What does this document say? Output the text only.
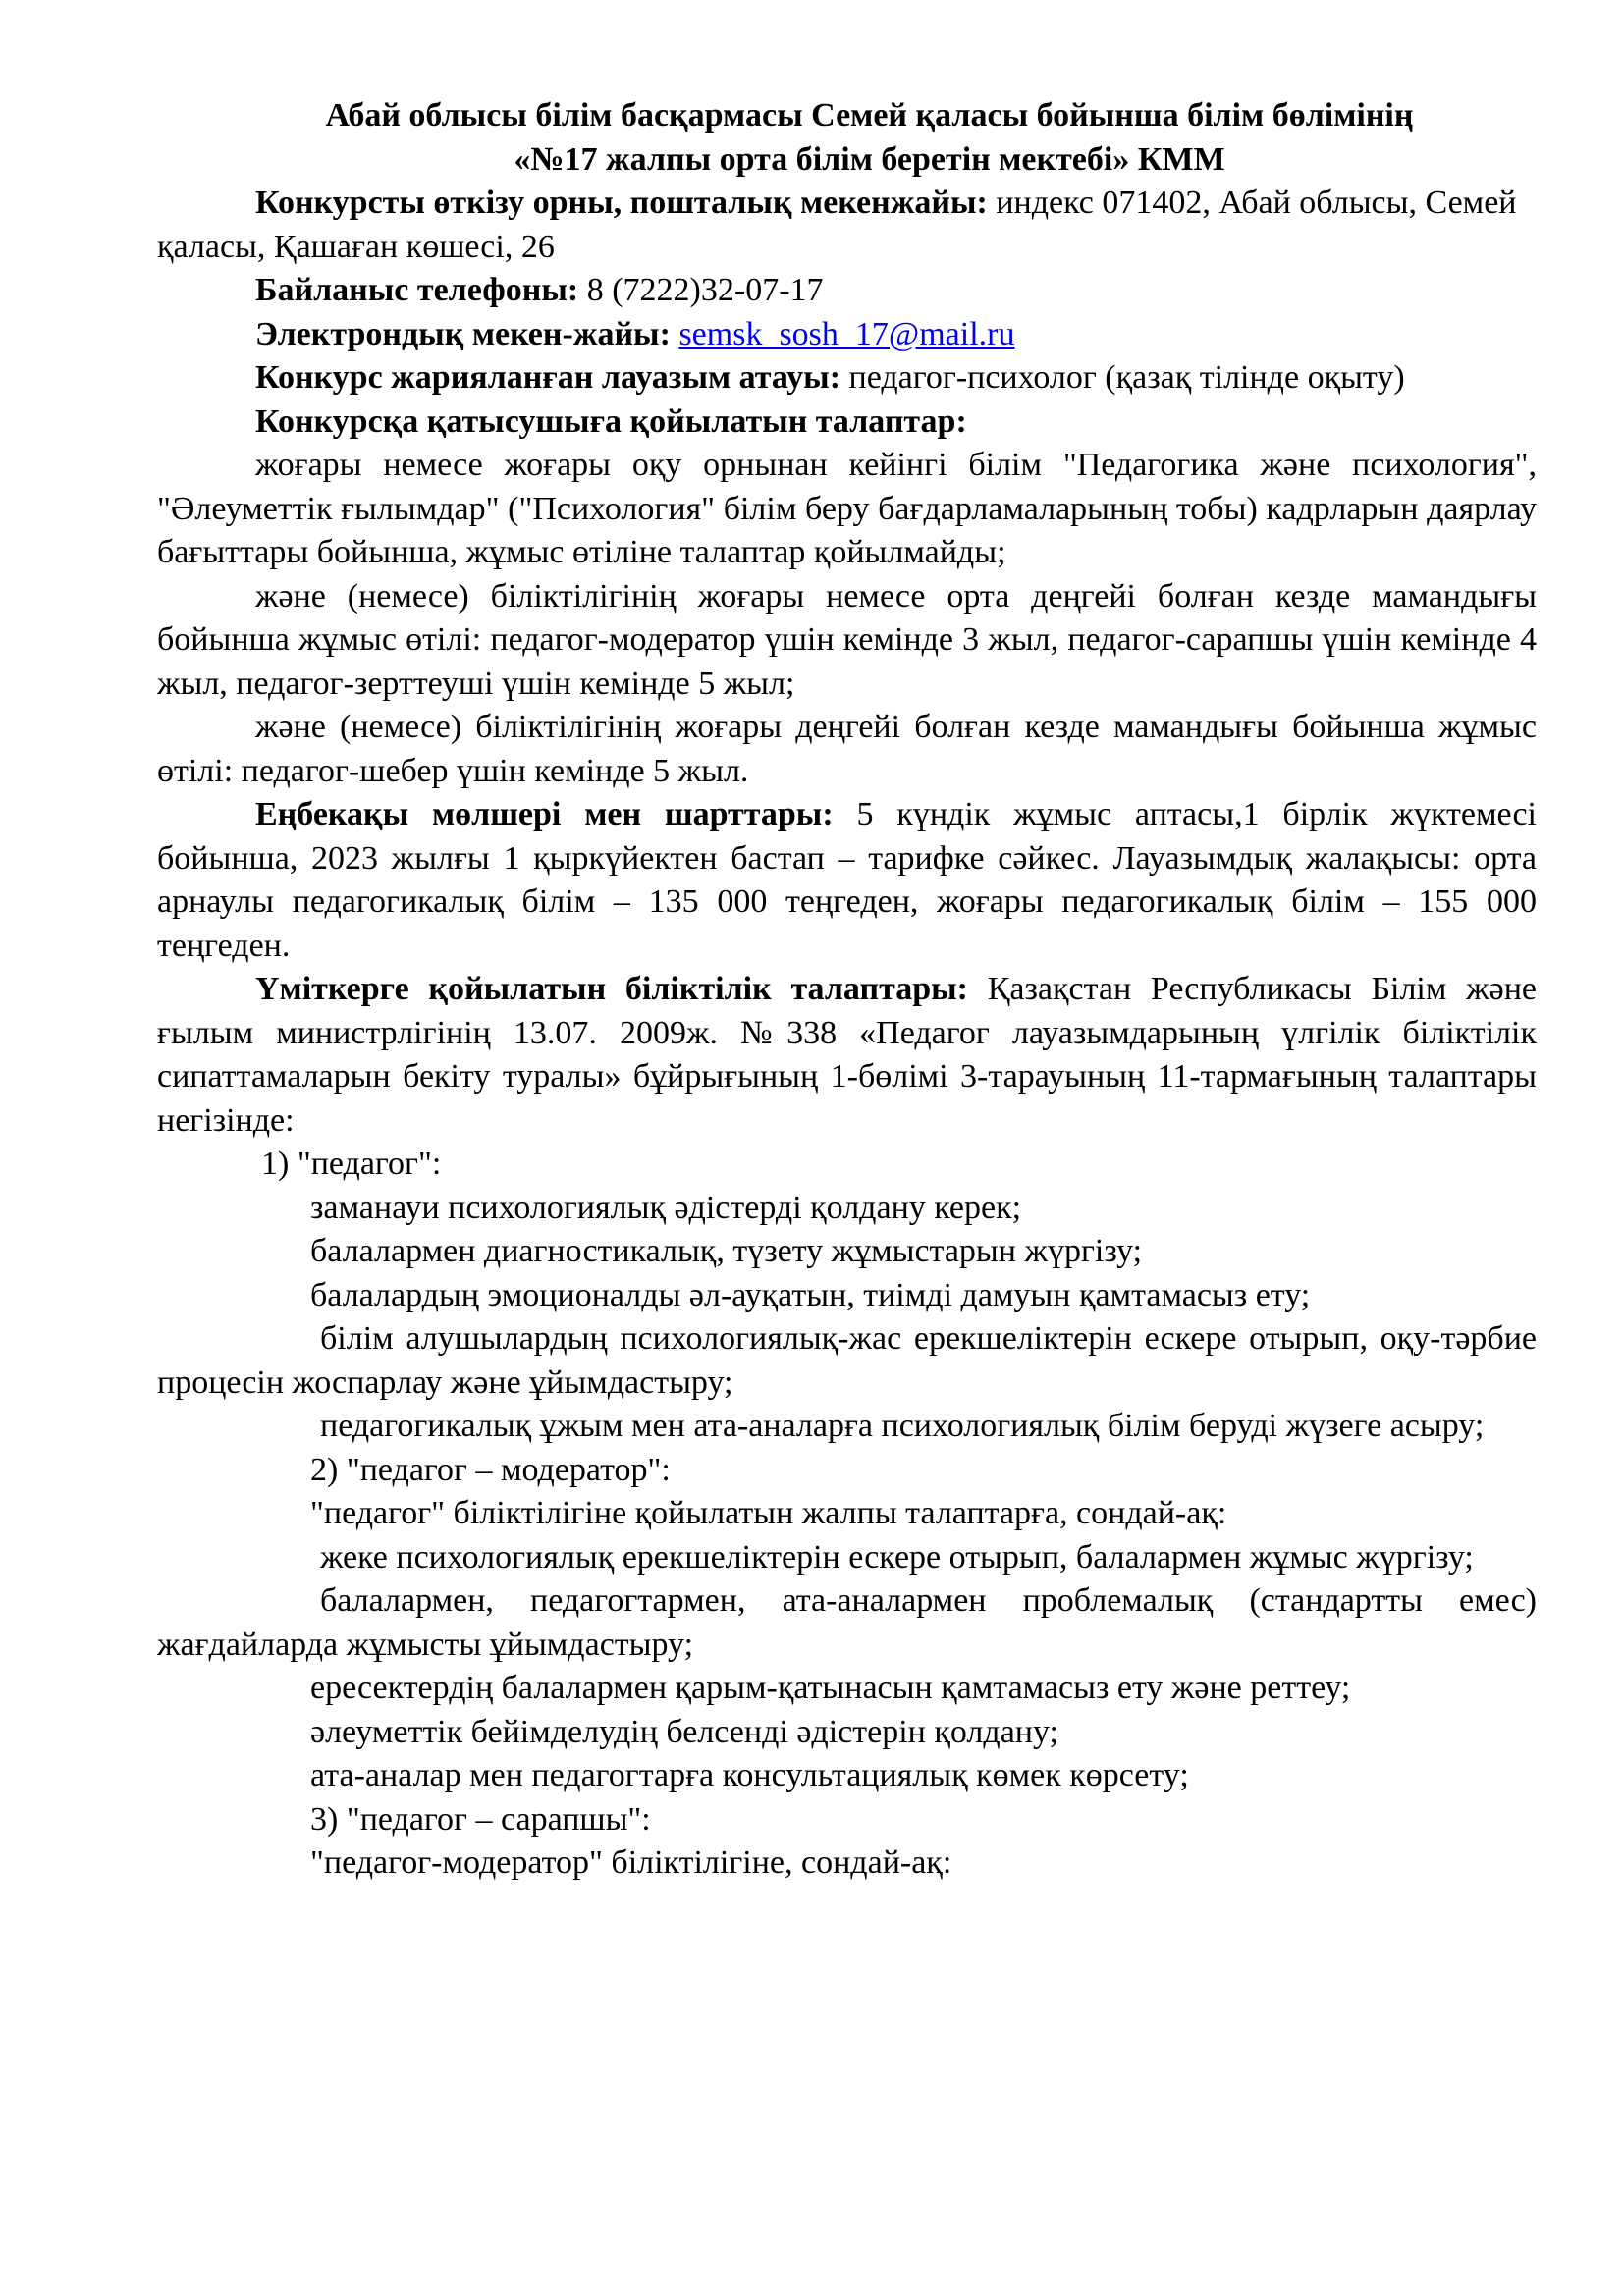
Абай облысы білім басқармасы Семей қаласы бойынша білім бөлімінің

«№17 жалпы орта білім беретін мектебі» КММ

Конкурсты өткізу орны, пошталық мекенжайы: индекс 071402, Абай облысы, Семей қаласы, Қашаған көшесі, 26

Байланыс телефоны: 8 (7222)32-07-17

Электрондық мекен-жайы: semsk_sosh_17@mail.ru

Конкурс жарияланған лауазым атауы: педагог-психолог (қазақ тілінде оқыту)

Конкурсқа қатысушыға қойылатын талаптар:

жоғары немесе жоғары оқу орнынан кейінгі білім "Педагогика және психология", "Әлеуметтік ғылымдар" ("Психология" білім беру бағдарламаларының тобы) кадрларын даярлау бағыттары бойынша, жұмыс өтіліне талаптар қойылмайды;

және (немесе) біліктілігінің жоғары немесе орта деңгейі болған кезде мамандығы бойынша жұмыс өтілі: педагог-модератор үшін кемінде 3 жыл, педагог-сарапшы үшін кемінде 4 жыл, педагог-зерттеуші үшін кемінде 5 жыл;

және (немесе) біліктілігінің жоғары деңгейі болған кезде мамандығы бойынша жұмыс өтілі: педагог-шебер үшін кемінде 5 жыл.

Еңбекақы мөлшері мен шарттары: 5 күндік жұмыс аптасы,1 бірлік жүктемесі бойынша, 2023 жылғы 1 қыркүйектен бастап – тарифке сәйкес. Лауазымдық жалақысы: орта арнаулы педагогикалық білім – 135 000 теңгеден, жоғары педагогикалық білім – 155 000 теңгеден.

Үміткерге қойылатын біліктілік талаптары: Қазақстан Республикасы Білім және ғылым министрлігінің 13.07. 2009ж. №338 «Педагог лауазымдарының үлгілік біліктілік сипаттамаларын бекіту туралы» бұйрығының 1-бөлімі 3-тарауының 11-тармағының талаптары негізінде:

1) "педагог":

заманауи психологиялық әдістерді қолдану керек;

балалармен диагностикалық, түзету жұмыстарын жүргізу;

балалардың эмоционалды әл-ауқатын, тиімді дамуын қамтамасыз ету;

білім алушылардың психологиялық-жас ерекшеліктерін ескере отырып, оқу-тәрбие процесін жоспарлау және ұйымдастыру;

педагогикалық ұжым мен ата-аналарға психологиялық білім беруді жүзеге асыру;

2) "педагог – модератор":

"педагог" біліктілігіне қойылатын жалпы талаптарға, сондай-ақ:

жеке психологиялық ерекшеліктерін ескере отырып, балалармен жұмыс жүргізу;

балалармен, педагогтармен, ата-аналармен проблемалық (стандартты емес) жағдайларда жұмысты ұйымдастыру;

ересектердің балалармен қарым-қатынасын қамтамасыз ету және реттеу;

әлеуметтік бейімделудің белсенді әдістерін қолдану;

ата-аналар мен педагогтарға консультациялық көмек көрсету;

3) "педагог – сарапшы":

"педагог-модератор" біліктілігіне, сондай-ақ:
